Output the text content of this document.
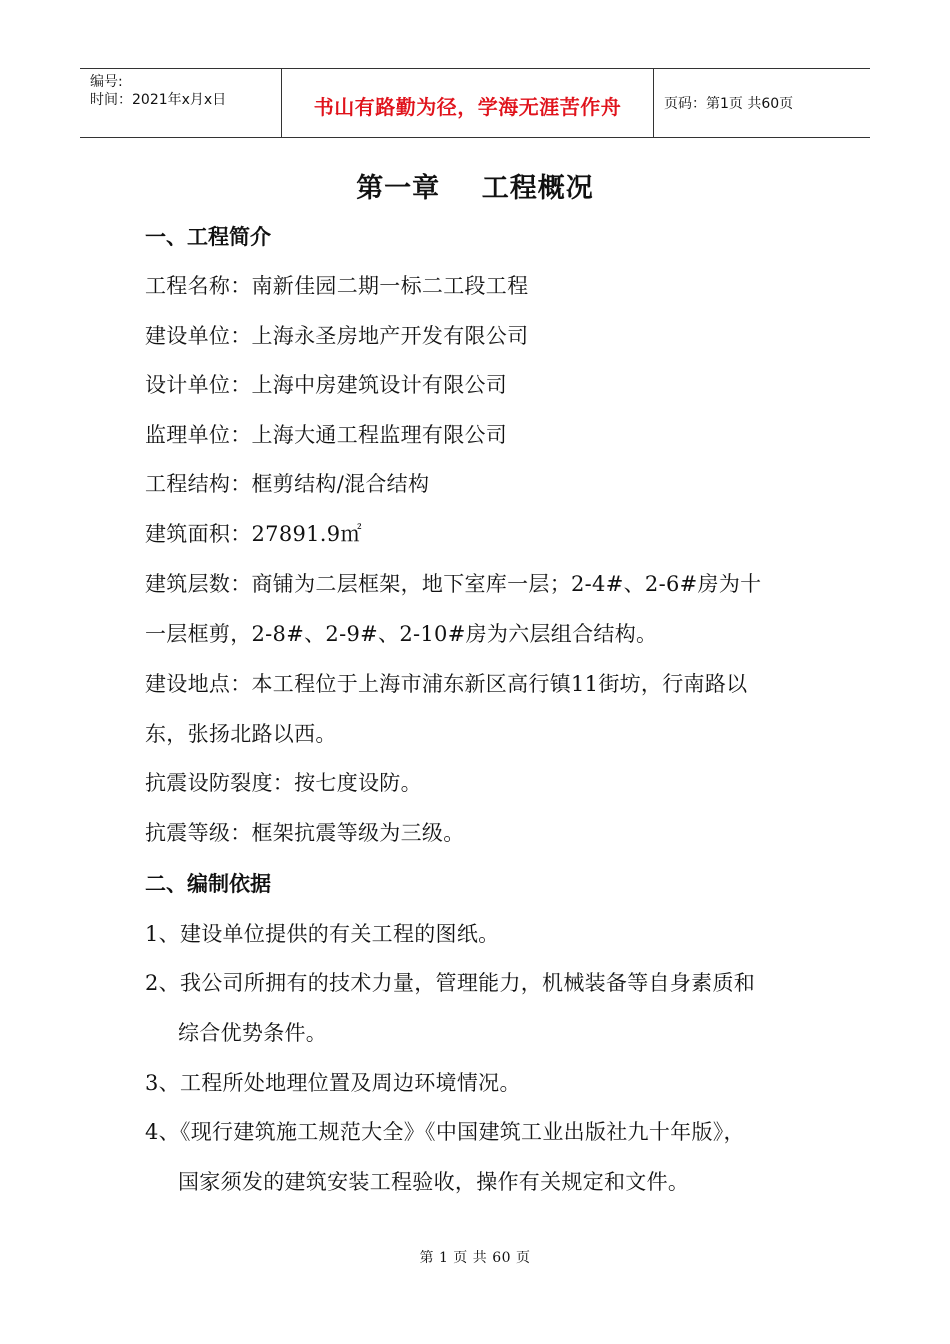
编号:
时间：2021年x月x日	书山有路勤为径，学海无涯苦作舟	页码：第1页 共60页
第一章    工程概况
一、工程简介
工程名称：南新佳园二期一标二工段工程
建设单位：上海永圣房地产开发有限公司
设计单位：上海中房建筑设计有限公司
监理单位：上海大通工程监理有限公司
工程结构：框剪结构/混合结构
建筑面积：27891.9㎡
建筑层数：商铺为二层框架，地下室库一层；2-4#、2-6#房为十
一层框剪，2-8#、2-9#、2-10#房为六层组合结构。
建设地点：本工程位于上海市浦东新区高行镇11街坊，行南路以
东，张扬北路以西。
抗震设防裂度：按七度设防。
抗震等级：框架抗震等级为三级。
二、编制依据
1、建设单位提供的有关工程的图纸。
2、我公司所拥有的技术力量，管理能力，机械装备等自身素质和
综合优势条件。
3、工程所处地理位置及周边环境情况。
4、《现行建筑施工规范大全》《中国建筑工业出版社九十年版》，
国家须发的建筑安装工程验收，操作有关规定和文件。
第 1 页 共 60 页
